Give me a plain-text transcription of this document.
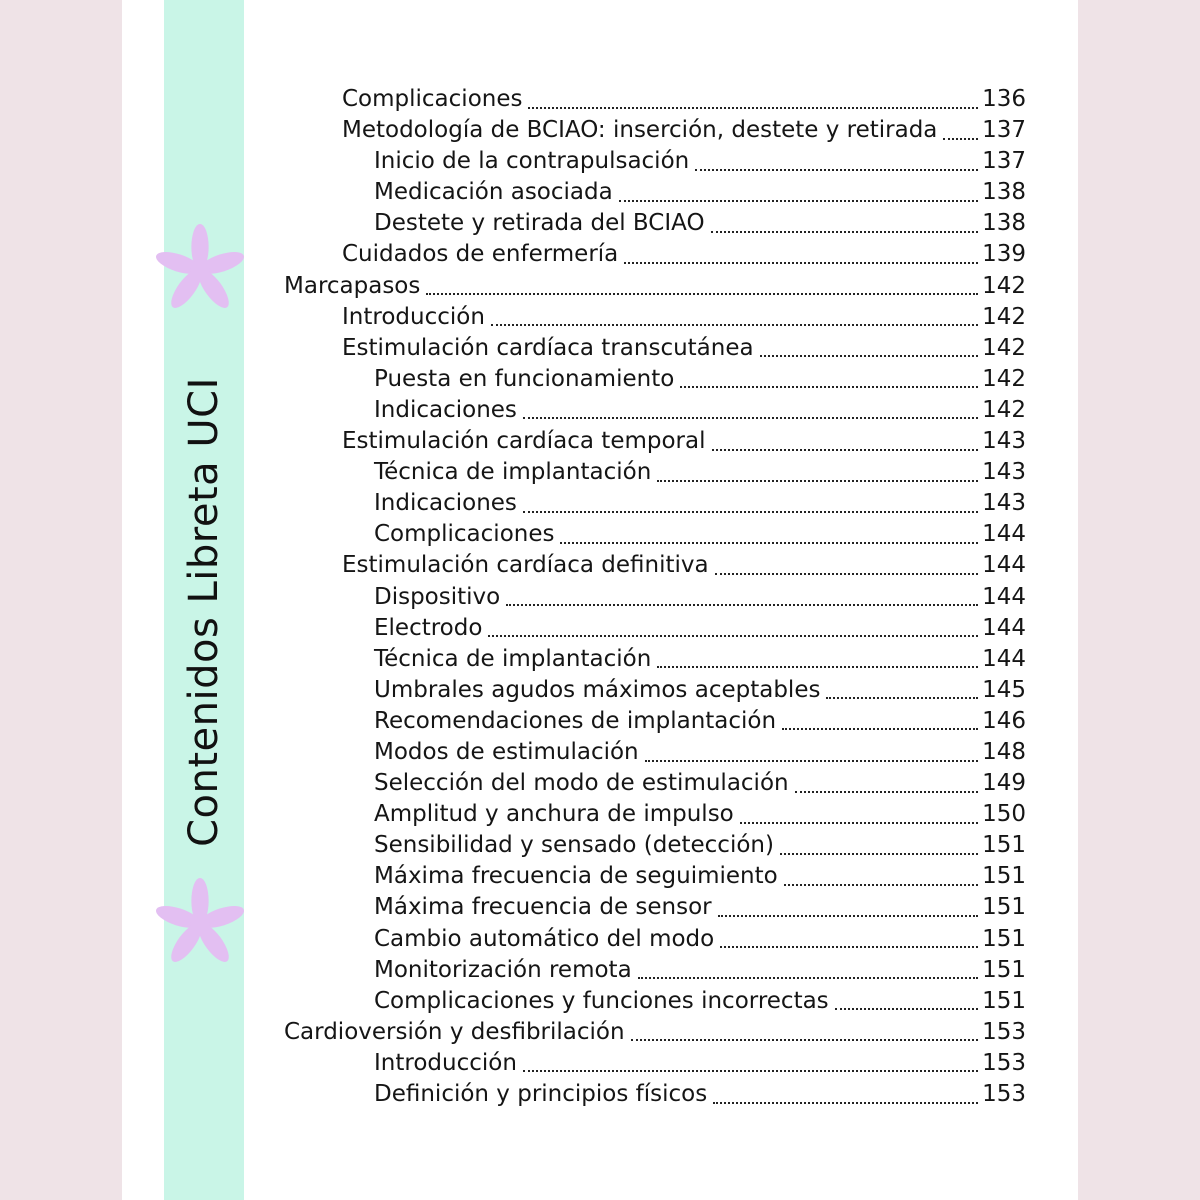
Contenidos Libreta UCI
Complicaciones	136
Metodología de BCIAO: inserción, destete y retirada 137
Inicio de la contrapulsación	137
Medicación asociada	138
Destete y retirada del BCIAO	138
Cuidados de enfermería	139
Marcapasos	142
Introducción	142
Estimulación cardíaca transcutánea	142
Puesta en funcionamiento	142
Indicaciones	142
Estimulación cardíaca temporal	143
Técnica de implantación	143
Indicaciones	143
Complicaciones	144
Estimulación cardíaca definitiva	144
Dispositivo	144
Electrodo	144
Técnica de implantación	144
Umbrales agudos máximos aceptables	145
Recomendaciones de implantación	146
Modos de estimulación	148
Selección del modo de estimulación	149
Amplitud y anchura de impulso	150
Sensibilidad y sensado (detección)	151
Máxima frecuencia de seguimiento	151
Máxima frecuencia de sensor	151
Cambio automático del modo	151
Monitorización remota	151
Complicaciones y funciones incorrectas	151
Cardioversión y desfibrilación	153
Introducción	153
Definición y principios físicos	153
